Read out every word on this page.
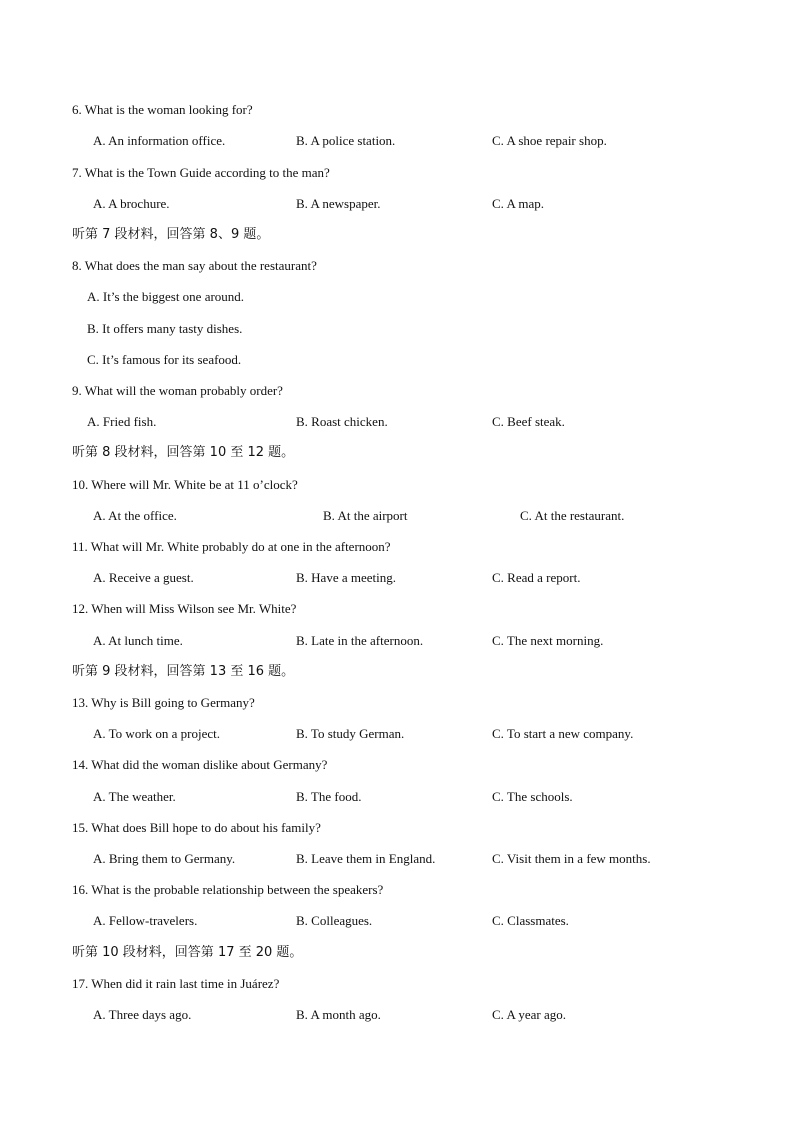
6. What is the woman looking for?
A. An information office.	B. A police station.	C. A shoe repair shop.
7. What is the Town Guide according to the man?
A. A brochure.	B. A newspaper.	C. A map.
听第 7 段材料，回答第 8、9 题。
8. What does the man say about the restaurant?
A. It’s the biggest one around.
B. It offers many tasty dishes.
C. It’s famous for its seafood.
9. What will the woman probably order?
A. Fried fish.	B. Roast chicken.	C. Beef steak.
听第 8 段材料，回答第 10 至 12 题。
10. Where will Mr. White be at 11 o’clock?
A. At the office.	B. At the airport	C. At the restaurant.
11. What will Mr. White probably do at one in the afternoon?
A. Receive a guest.	B. Have a meeting.	C. Read a report.
12. When will Miss Wilson see Mr. White?
A. At lunch time.	B. Late in the afternoon.	C. The next morning.
听第 9 段材料，回答第 13 至 16 题。
13. Why is Bill going to Germany?
A. To work on a project.	B. To study German.	C. To start a new company.
14. What did the woman dislike about Germany?
A. The weather.	B. The food.	C. The schools.
15. What does Bill hope to do about his family?
A. Bring them to Germany.	B. Leave them in England.	C. Visit them in a few months.
16. What is the probable relationship between the speakers?
A. Fellow-travelers.	B. Colleagues.	C. Classmates.
听第 10 段材料，回答第 17 至 20 题。
17. When did it rain last time in Juárez?
A. Three days ago.	B. A month ago.	C. A year ago.
